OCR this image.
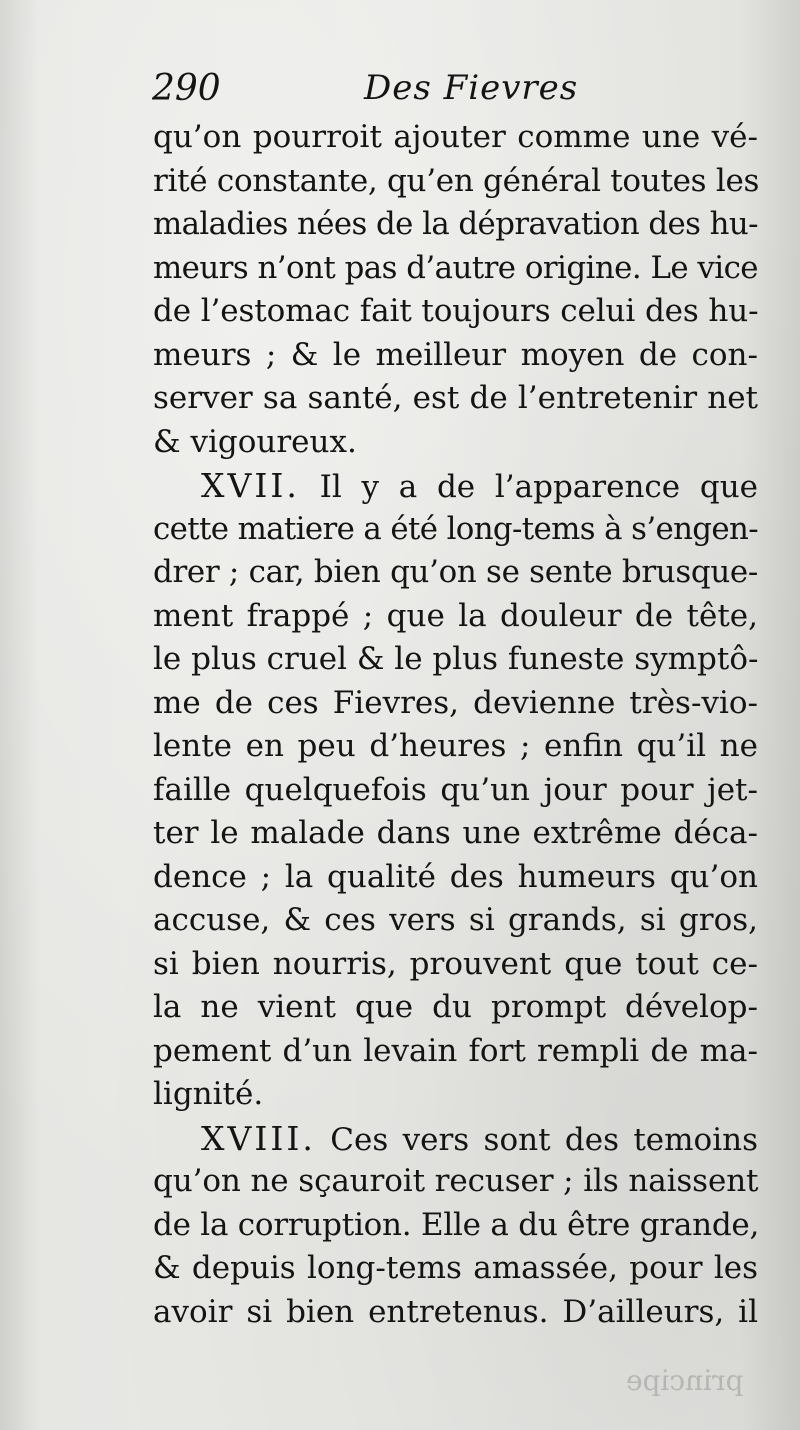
290	Des Fievres
qu’on pourroit ajouter comme une vé-
rité constante, qu’en général toutes les
maladies nées de la dépravation des hu-
meurs n’ont pas d’autre origine. Le vice
de l’estomac fait toujours celui des hu-
meurs ; & le meilleur moyen de con-
server sa santé, est de l’entretenir net
& vigoureux.
XVII. Il y a de l’apparence que
cette matiere a été long-tems à s’engen-
drer ; car, bien qu’on se sente brusque-
ment frappé ; que la douleur de tête,
le plus cruel & le plus funeste symptô-
me de ces Fievres, devienne très-vio-
lente en peu d’heures ; enfin qu’il ne
faille quelquefois qu’un jour pour jet-
ter le malade dans une extrême déca-
dence ; la qualité des humeurs qu’on
accuse, & ces vers si grands, si gros,
si bien nourris, prouvent que tout ce-
la ne vient que du prompt dévelop-
pement d’un levain fort rempli de ma-
lignité.
XVIII. Ces vers sont des temoins
qu’on ne sçauroit recuser ; ils naissent
de la corruption. Elle a du être grande,
& depuis long-tems amassée, pour les
avoir si bien entretenus. D’ailleurs, il
principe
